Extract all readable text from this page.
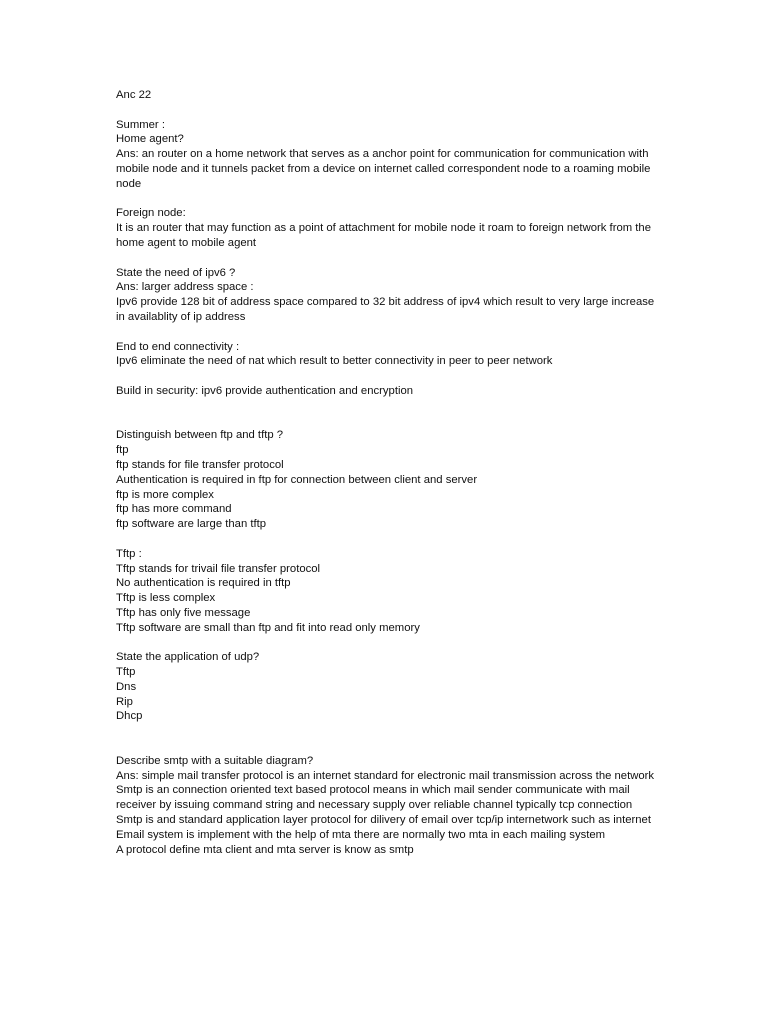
Anc 22
Summer :
Home agent?
Ans: an router on a home network that serves as a anchor point for communication for communication with mobile node and it tunnels packet from a device on internet called correspondent node to a roaming mobile node
Foreign node:
It is an router that may function as a point of attachment for mobile node it roam to foreign network from the home agent to mobile agent
State the need of ipv6 ?
Ans: larger address space :
Ipv6 provide 128 bit of address space compared to 32 bit address of ipv4 which result to very large increase in availablity of ip address
End to end connectivity :
Ipv6 eliminate the need of nat which result to better connectivity in peer to peer network
Build in security: ipv6 provide authentication and encryption
Distinguish between ftp and tftp ?
ftp
ftp stands for file transfer protocol
Authentication is required in ftp for connection between client and server
ftp is more complex
ftp has more command
ftp software are large than tftp
Tftp :
Tftp stands for trivail file transfer protocol
No authentication is required in tftp
Tftp is less complex
Tftp has only five message
Tftp software are small than ftp and fit into read only memory
State the application of udp?
Tftp
Dns
Rip
Dhcp
Describe smtp with a suitable diagram?
Ans: simple mail transfer protocol is an internet standard for electronic mail transmission across the network
Smtp is an connection oriented text based protocol means in which mail sender communicate with mail receiver by issuing command string and necessary supply over reliable channel typically tcp connection
Smtp is and standard application layer protocol for dilivery of email over tcp/ip internetwork such as internet
Email system is implement with the help of mta there are normally two mta in each mailing system
A protocol define mta client and mta server is know as smtp
